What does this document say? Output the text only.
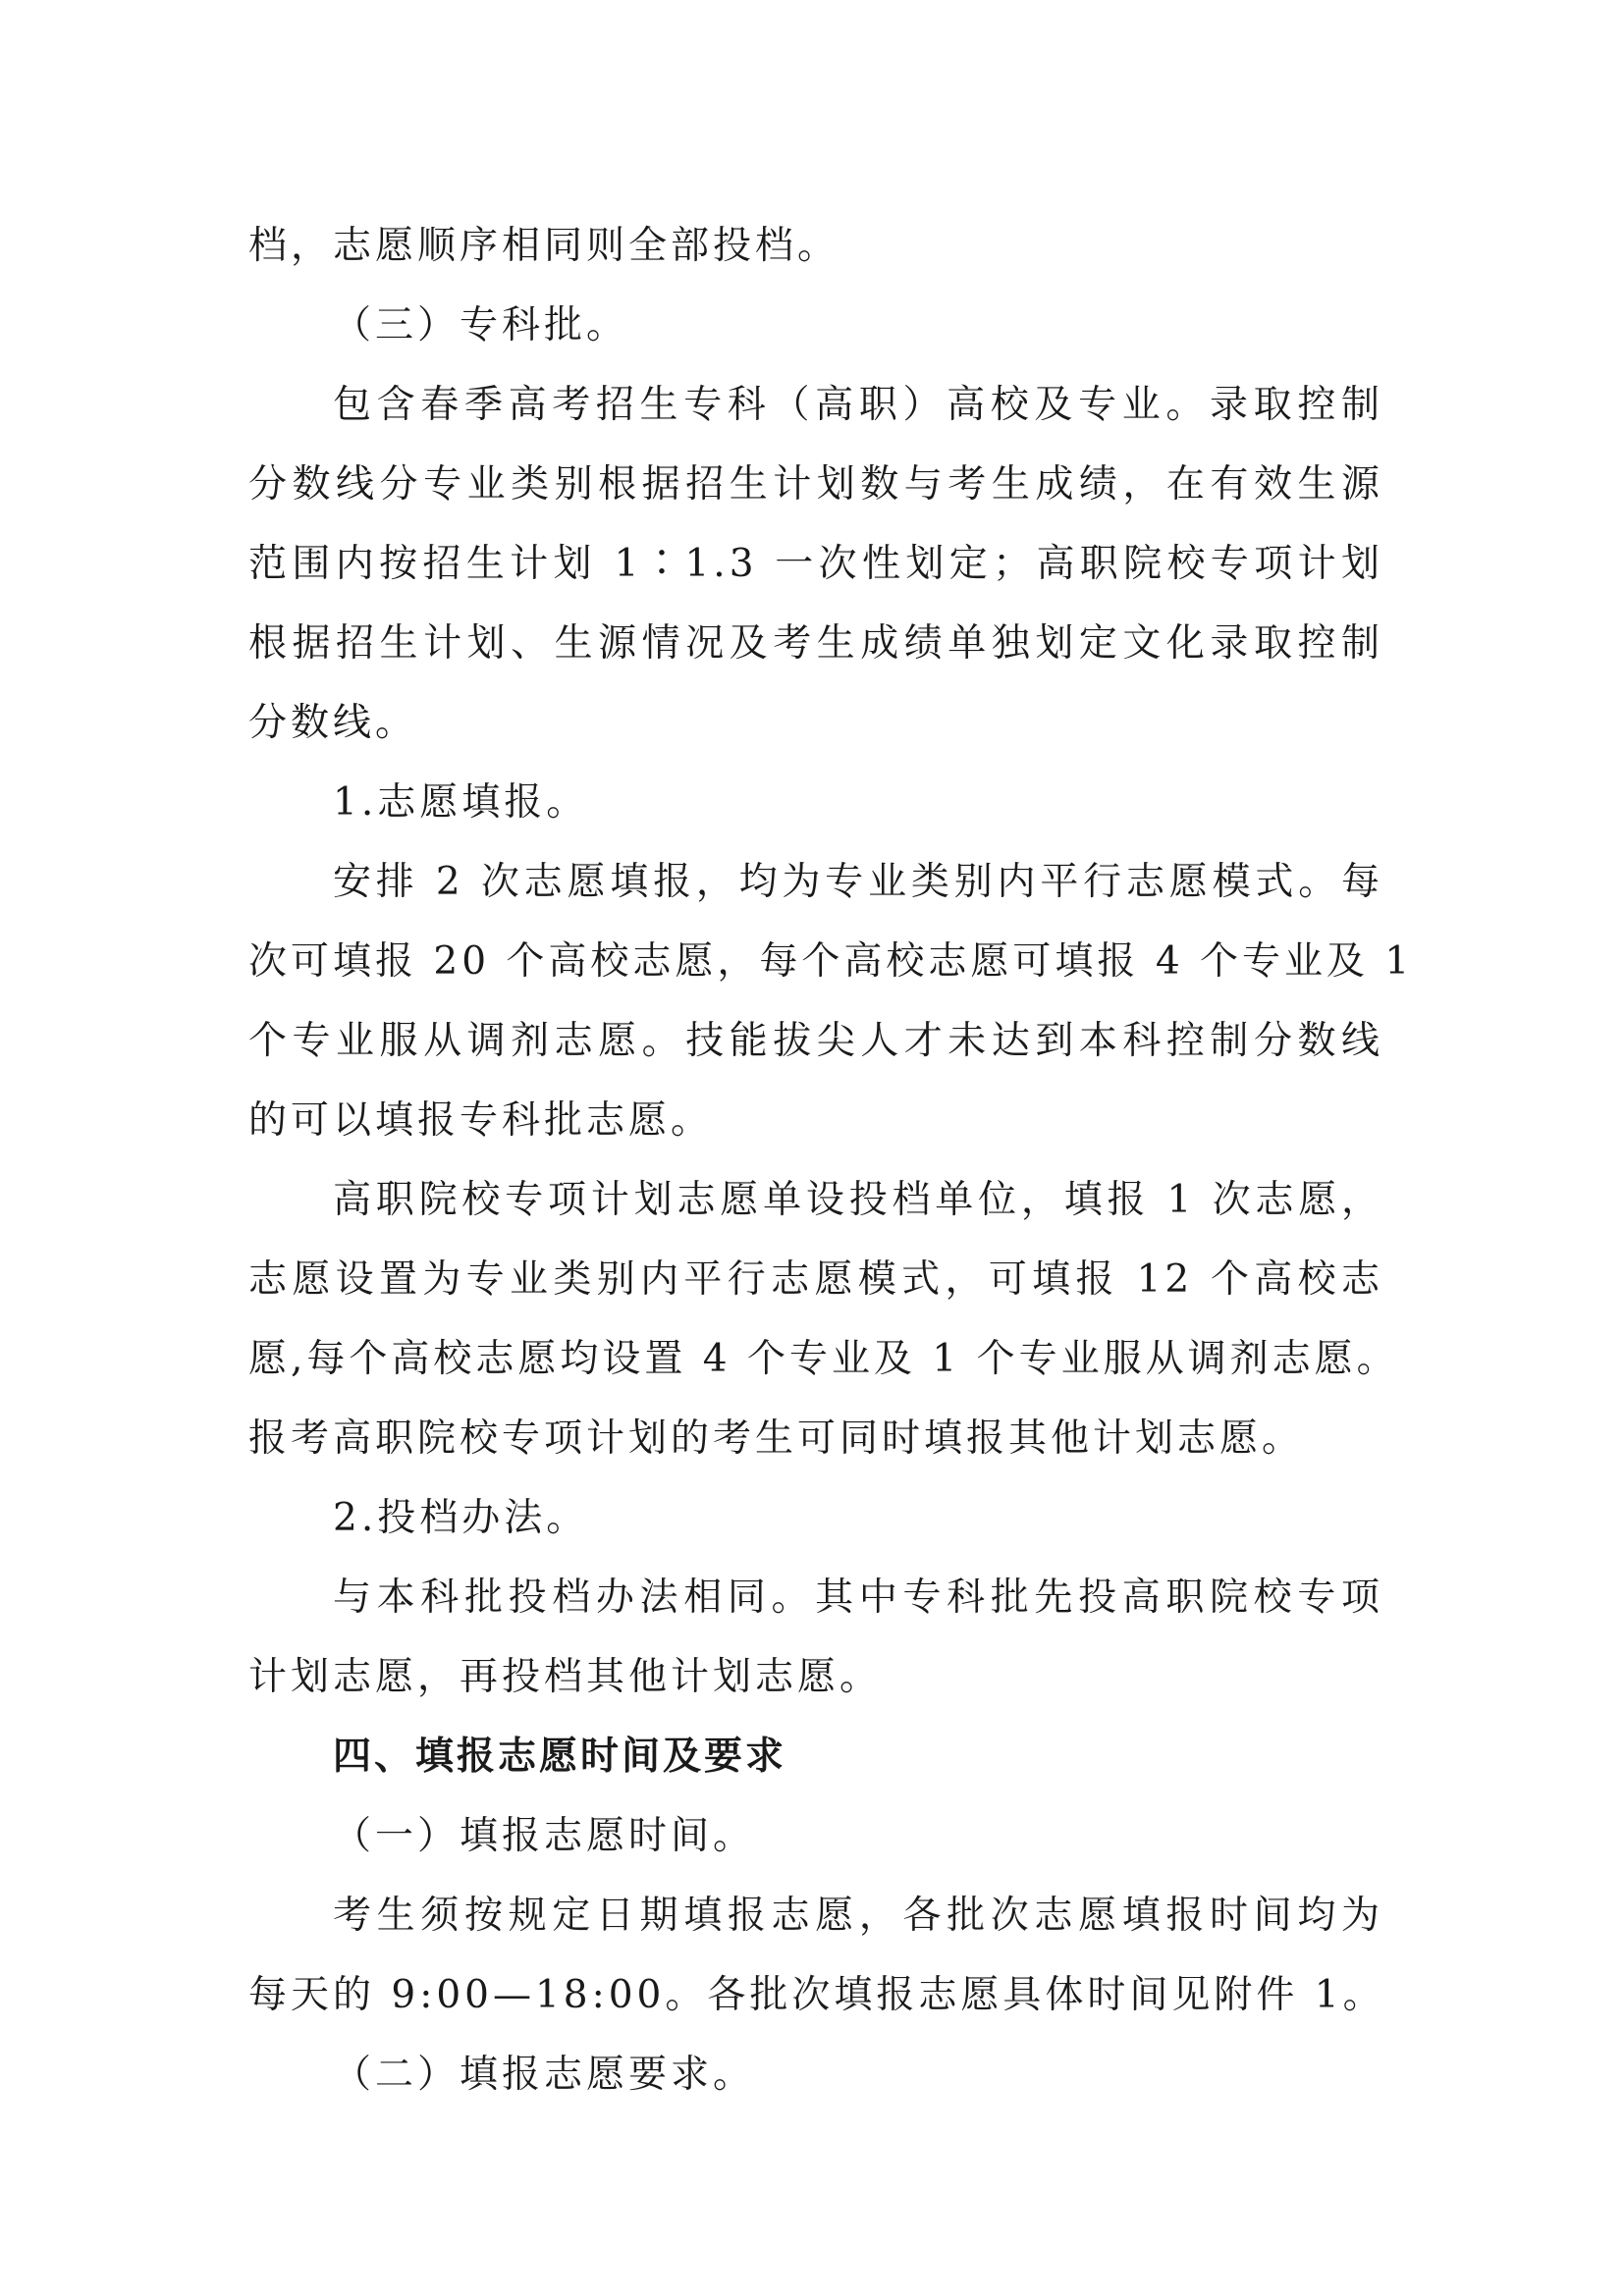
档，志愿顺序相同则全部投档。
（三）专科批。
包含春季高考招生专科（高职）高校及专业。录取控制
分数线分专业类别根据招生计划数与考生成绩，在有效生源
范围内按招生计划 1∶1.3 一次性划定；高职院校专项计划
根据招生计划、生源情况及考生成绩单独划定文化录取控制
分数线。
1.志愿填报。
安排 2 次志愿填报，均为专业类别内平行志愿模式。每
次可填报 20 个高校志愿，每个高校志愿可填报 4 个专业及 1
个专业服从调剂志愿。技能拔尖人才未达到本科控制分数线
的可以填报专科批志愿。
高职院校专项计划志愿单设投档单位，填报 1 次志愿，
志愿设置为专业类别内平行志愿模式，可填报 12 个高校志
愿,每个高校志愿均设置 4 个专业及 1 个专业服从调剂志愿。
报考高职院校专项计划的考生可同时填报其他计划志愿。
2.投档办法。
与本科批投档办法相同。其中专科批先投高职院校专项
计划志愿，再投档其他计划志愿。
四、填报志愿时间及要求
（一）填报志愿时间。
考生须按规定日期填报志愿，各批次志愿填报时间均为
每天的 9:00—18:00。各批次填报志愿具体时间见附件 1。
（二）填报志愿要求。
